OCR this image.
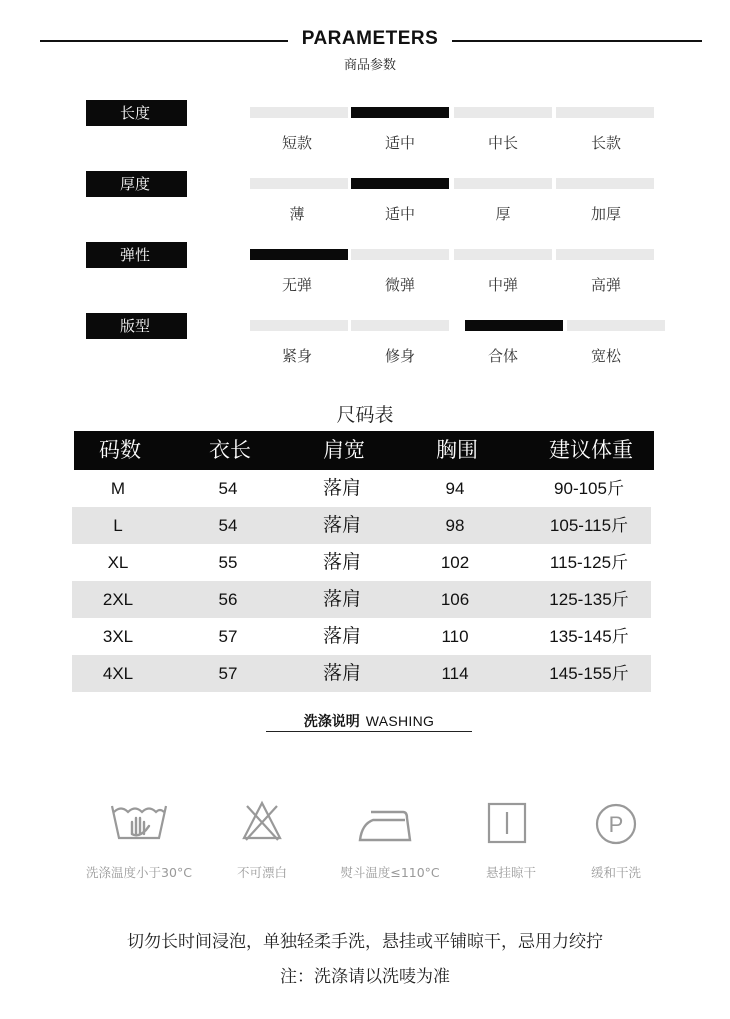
PARAMETERS
商品参数
长度
短款	适中	中长	长款
厚度
薄	适中	厚	加厚
弹性
无弹	微弹	中弹	高弹
版型
紧身	修身	合体	宽松
尺码表
码数	衣长	肩宽	胸围	建议体重
M	54	落肩	94	90-105斤
L	54	落肩	98	105-115斤
XL	55	落肩	102	115-125斤
2XL	56	落肩	106	125-135斤
3XL	57	落肩	110	135-145斤
4XL	57	落肩	114	145-155斤
洗涤说明 WASHING
P
洗涤温度小于30°C	不可漂白	熨斗温度≤110°C	悬挂晾干	缓和干洗
切勿长时间浸泡，单独轻柔手洗，悬挂或平铺晾干，忌用力绞拧
注：洗涤请以洗唛为准
